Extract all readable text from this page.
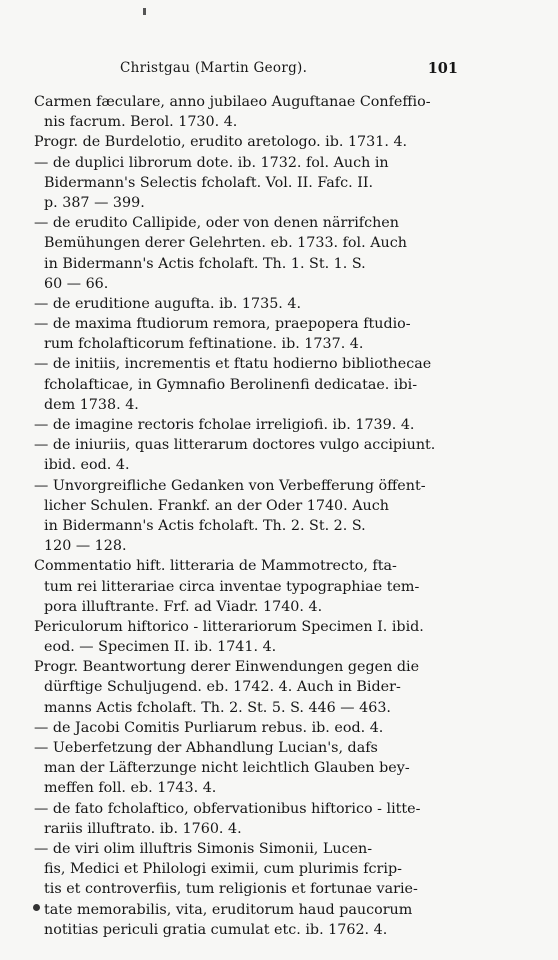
Christgau (Martin Georg).	101
Carmen fæculare, anno jubilaeo Auguftanae Confeffio-
nis facrum. Berol. 1730. 4.
Progr. de Burdelotio, erudito aretologo. ib. 1731. 4.
— de duplici librorum dote. ib. 1732. fol. Auch in
Bidermann's Selectis fcholaft. Vol. II. Fafc. II.
p. 387 — 399.
— de erudito Callipide, oder von denen närrifchen
Bemühungen derer Gelehrten. eb. 1733. fol. Auch
in Bidermann's Actis fcholaft. Th. 1. St. 1. S.
60 — 66.
— de eruditione augufta. ib. 1735. 4.
— de maxima ftudiorum remora, praepopera ftudio-
rum fcholafticorum feftinatione. ib. 1737. 4.
— de initiis, incrementis et ftatu hodierno bibliothecae
fcholafticae, in Gymnafio Berolinenfi dedicatae. ibi-
dem 1738. 4.
— de imagine rectoris fcholae irreligiofi. ib. 1739. 4.
— de iniuriis, quas litterarum doctores vulgo accipiunt.
ibid. eod. 4.
— Unvorgreifliche Gedanken von Verbefferung öffent-
licher Schulen. Frankf. an der Oder 1740. Auch
in Bidermann's Actis fcholaft. Th. 2. St. 2. S.
120 — 128.
Commentatio hift. litteraria de Mammotrecto, fta-
tum rei litterariae circa inventae typographiae tem-
pora illuftrante. Frf. ad Viadr. 1740. 4.
Periculorum hiftorico - litterariorum Specimen I. ibid.
eod. — Specimen II. ib. 1741. 4.
Progr. Beantwortung derer Einwendungen gegen die
dürftige Schuljugend. eb. 1742. 4. Auch in Bider-
manns Actis fcholaft. Th. 2. St. 5. S. 446 — 463.
— de Jacobi Comitis Purliarum rebus. ib. eod. 4.
— Ueberfetzung der Abhandlung Lucian's, dafs
man der Läfterzunge nicht leichtlich Glauben bey-
meffen foll. eb. 1743. 4.
— de fato fcholaftico, obfervationibus hiftorico - litte-
rariis illuftrato. ib. 1760. 4.
— de viri olim illuftris Simonis Simonii, Lucen-
fis, Medici et Philologi eximii, cum plurimis fcrip-
tis et controverfiis, tum religionis et fortunae varie-
tate memorabilis, vita, eruditorum haud paucorum
notitias periculi gratia cumulat etc. ib. 1762. 4.
